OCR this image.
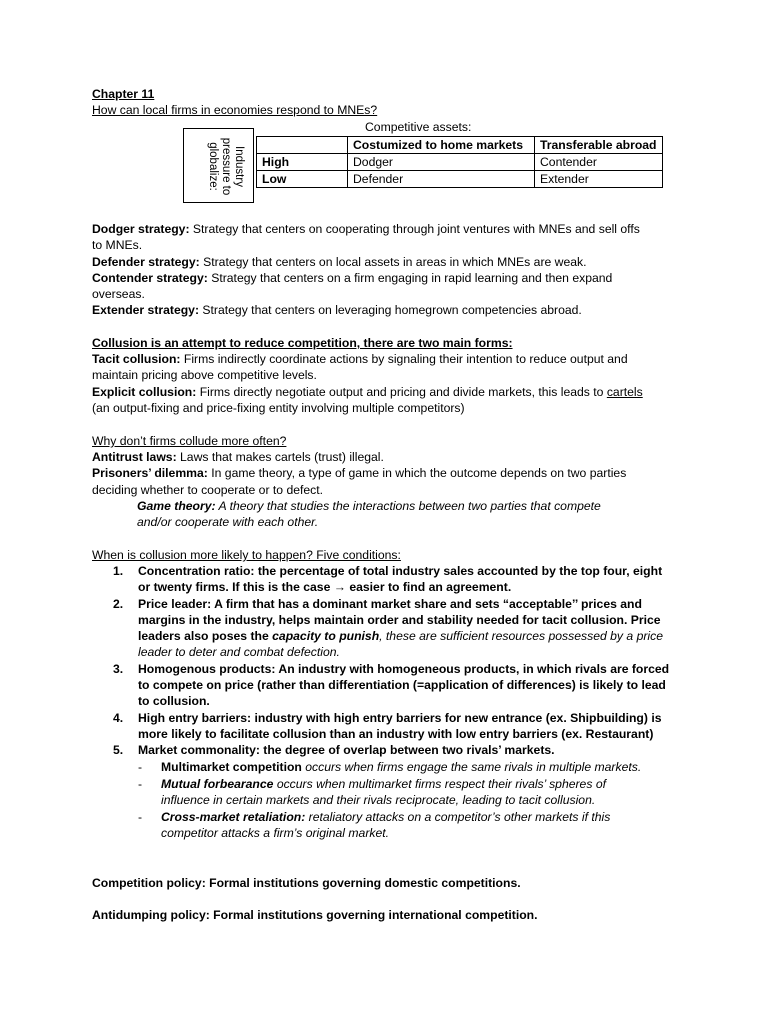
Chapter 11
How can local firms in economies respond to MNEs?
Competitive assets:
Industry pressure to globalize:
		Costumized to home markets	Transferable abroad
High	Dodger	Contender
Low	Defender	Extender
Dodger strategy: Strategy that centers on cooperating through joint ventures with MNEs and sell offs
to MNEs.
Defender strategy: Strategy that centers on local assets in areas in which MNEs are weak.
Contender strategy: Strategy that centers on a firm engaging in rapid learning and then expand
overseas.
Extender strategy: Strategy that centers on leveraging homegrown competencies abroad.
Collusion is an attempt to reduce competition, there are two main forms:
Tacit collusion: Firms indirectly coordinate actions by signaling their intention to reduce output and
maintain pricing above competitive levels.
Explicit collusion: Firms directly negotiate output and pricing and divide markets, this leads to cartels
(an output-fixing and price-fixing entity involving multiple competitors)
Why don’t firms collude more often?
Antitrust laws: Laws that makes cartels (trust) illegal.
Prisoners’ dilemma: In game theory, a type of game in which the outcome depends on two parties
deciding whether to cooperate or to defect.
Game theory: A theory that studies the interactions between two parties that compete
and/or cooperate with each other.
When is collusion more likely to happen? Five conditions:
1. Concentration ratio: the percentage of total industry sales accounted by the top four, eight
or twenty firms. If this is the case → easier to find an agreement.
2. Price leader: A firm that has a dominant market share and sets “acceptable’’ prices and
margins in the industry, helps maintain order and stability needed for tacit collusion. Price
leaders also poses the capacity to punish, these are sufficient resources possessed by a price
leader to deter and combat defection.
3. Homogenous products: An industry with homogeneous products, in which rivals are forced
to compete on price (rather than differentiation (=application of differences) is likely to lead
to collusion.
4. High entry barriers: industry with high entry barriers for new entrance (ex. Shipbuilding) is
more likely to facilitate collusion than an industry with low entry barriers (ex. Restaurant)
5. Market commonality: the degree of overlap between two rivals’ markets.
- Multimarket competition occurs when firms engage the same rivals in multiple markets.
- Mutual forbearance occurs when multimarket firms respect their rivals’ spheres of
influence in certain markets and their rivals reciprocate, leading to tacit collusion.
- Cross-market retaliation: retaliatory attacks on a competitor’s other markets if this
competitor attacks a firm’s original market.
Competition policy: Formal institutions governing domestic competitions.
Antidumping policy: Formal institutions governing international competition.
